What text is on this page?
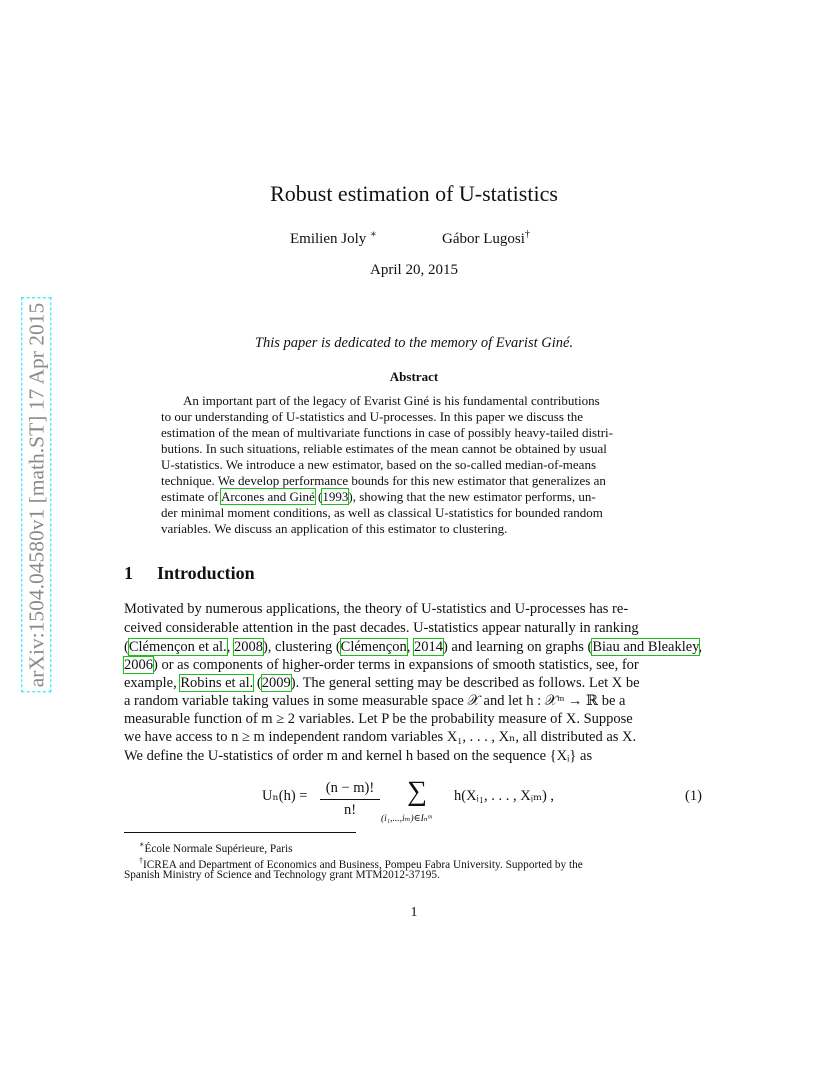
arXiv:1504.04580v1 [math.ST] 17 Apr 2015
Robust estimation of U-statistics
Emilien Joly ∗	Gábor Lugosi†
April 20, 2015
This paper is dedicated to the memory of Evarist Giné.
Abstract
An important part of the legacy of Evarist Giné is his fundamental contributions
to our understanding of U-statistics and U-processes. In this paper we discuss the
estimation of the mean of multivariate functions in case of possibly heavy-tailed distri-
butions. In such situations, reliable estimates of the mean cannot be obtained by usual
U-statistics. We introduce a new estimator, based on the so-called median-of-means
technique. We develop performance bounds for this new estimator that generalizes an
estimate of Arcones and Giné (1993), showing that the new estimator performs, un-
der minimal moment conditions, as well as classical U-statistics for bounded random
variables. We discuss an application of this estimator to clustering.
1 Introduction
Motivated by numerous applications, the theory of U-statistics and U-processes has re-
ceived considerable attention in the past decades. U-statistics appear naturally in ranking
(Clémençon et al., 2008), clustering (Clémençon, 2014) and learning on graphs (Biau and Bleakley,
2006) or as components of higher-order terms in expansions of smooth statistics, see, for
example, Robins et al. (2009). The general setting may be described as follows. Let X be
a random variable taking values in some measurable space 𝒳 and let h : 𝒳ᵐ → ℝ be a
measurable function of m ≥ 2 variables. Let P be the probability measure of X. Suppose
we have access to n ≥ m independent random variables X₁, . . . , Xₙ, all distributed as X.
We define the U-statistics of order m and kernel h based on the sequence {Xᵢ} as
$U_n(h) = \frac{(n - m)!}{n!}$ ∑
(i₁,...,iₘ)∈Iₙᵐ
h(Xᵢ₁, . . . , Xᵢₘ) ,	(1)
∗École Normale Supérieure, Paris
†ICREA and Department of Economics and Business, Pompeu Fabra University. Supported by the
Spanish Ministry of Science and Technology grant MTM2012-37195.
1
